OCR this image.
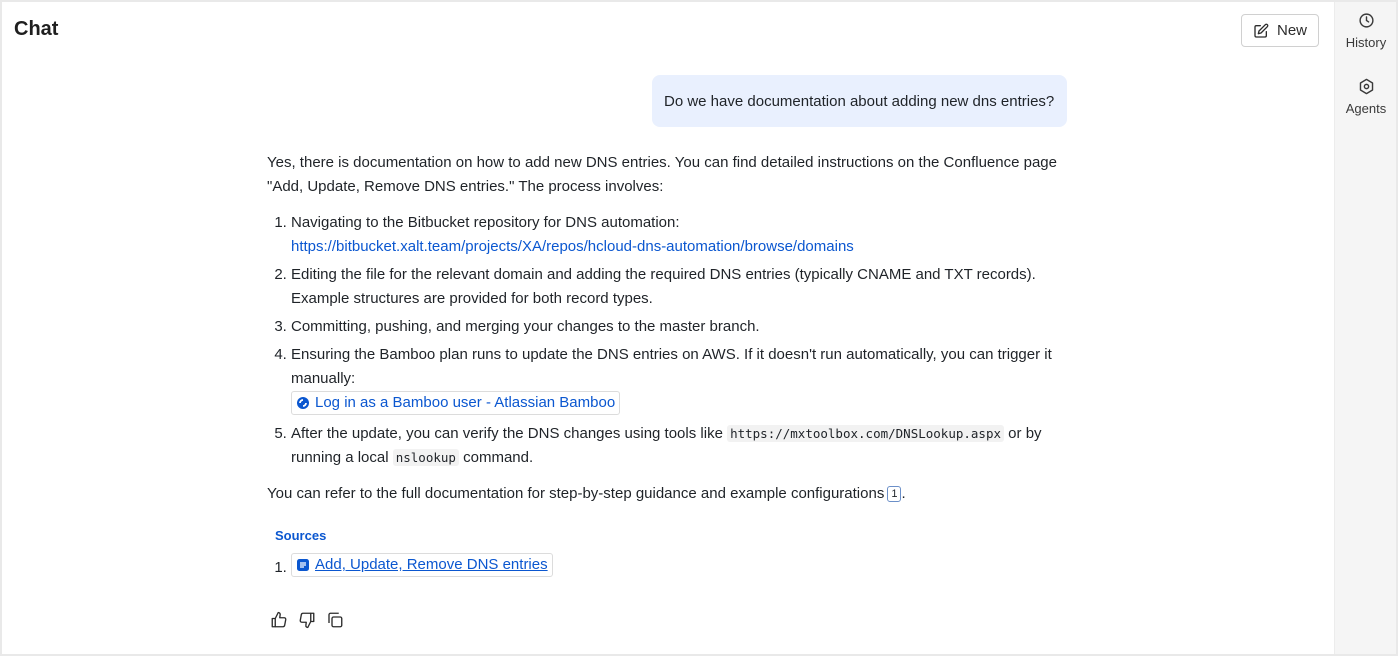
Chat	New
Do we have documentation about adding new dns entries?

Yes, there is documentation on how to add new DNS entries. You can find detailed instructions on the Confluence page "Add, Update, Remove DNS entries." The process involves:

1. Navigating to the Bitbucket repository for DNS automation:
https://bitbucket.xalt.team/projects/XA/repos/hcloud-dns-automation/browse/domains
2. Editing the file for the relevant domain and adding the required DNS entries (typically CNAME and TXT records). Example structures are provided for both record types.
3. Committing, pushing, and merging your changes to the master branch.
4. Ensuring the Bamboo plan runs to update the DNS entries on AWS. If it doesn't run automatically, you can trigger it manually:

Log in as a Bamboo user - Atlassian Bamboo
5. After the update, you can verify the DNS changes using tools like https://mxtoolbox.com/DNSLookup.aspx or by running a local nslookup command.

You can refer to the full documentation for step-by-step guidance and example configurations 1 .

Sources
1. Add, Update, Remove DNS entries
History
Agents
